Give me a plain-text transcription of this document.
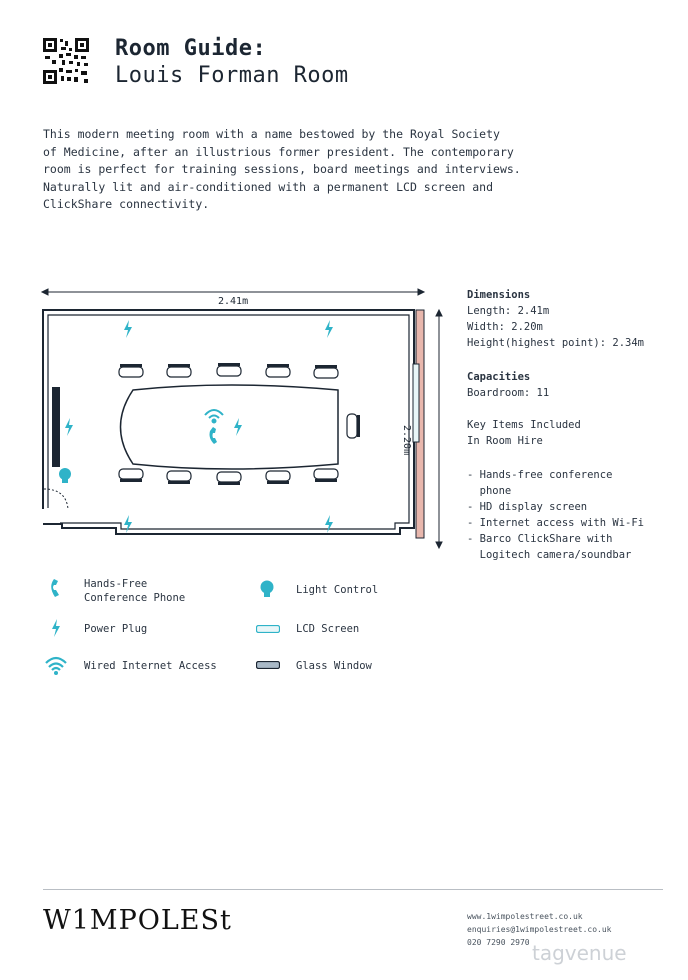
Room Guide:
Louis Forman Room
This modern meeting room with a name bestowed by the Royal Society
of Medicine, after an illustrious former president. The contemporary
room is perfect for training sessions, board meetings and interviews.
Naturally lit and air-conditioned with a permanent LCD screen and
ClickShare connectivity.
2.41m
2.20m
Dimensions
Length: 2.41m
Width: 2.20m
Height(highest point): 2.34m
Capacities
Boardroom: 11
Key Items Included
In Room Hire
- Hands-free conference
phone
- HD display screen
- Internet access with Wi-Fi
- Barco ClickShare with
Logitech camera/soundbar
Hands-Free
Conference Phone
Light Control
Power Plug	LCD Screen
Wired Internet Access	Glass Window
W1MPOLESt	www.1wimpolestreet.co.uk
enquiries@1wimpolestreet.co.uk
020 7290 2970 tagvenue
